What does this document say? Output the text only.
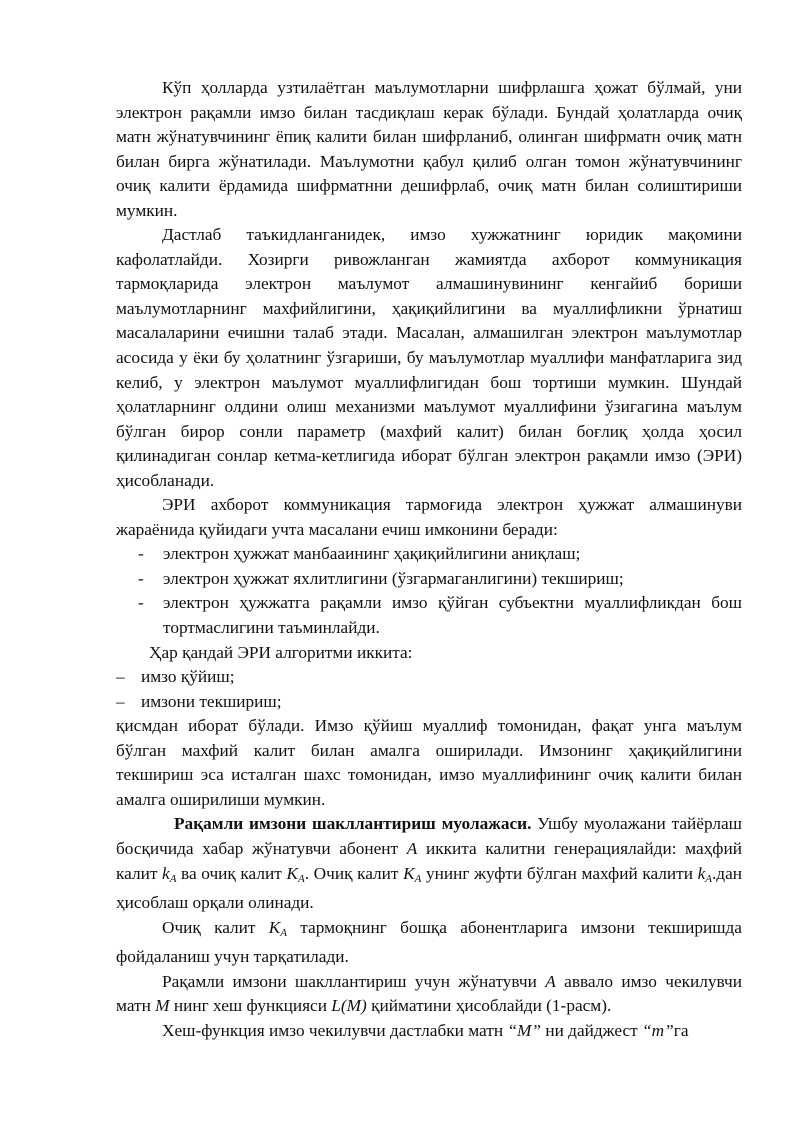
Кўп ҳолларда узтилаётган маълумотларни шифрлашга ҳожат бўлмай, уни электрон рақамли имзо билан тасдиқлаш керак бўлади. Бундай ҳолатларда очиқ матн жўнатувчининг ёпиқ калити билан шифрланиб, олинган шифрматн очиқ матн билан бирга жўнатилади. Маълумотни қабул қилиб олган томон жўнатувчининг очиқ калити ёрдамида шифрматнни дешифрлаб, очиқ матн билан солиштириши мумкин.

Дастлаб таъкидланганидек, имзо хужжатнинг юридик мақомини кафолатлайди. Хозирги ривожланган жамиятда ахборот коммуникация тармоқларида электрон маълумот алмашинувининг кенгайиб бориши маълумотларнинг махфийлигини, ҳақиқийлигини ва муаллифликни ўрнатиш масалаларини ечишни талаб этади. Масалан, алмашилган электрон маълумотлар асосида у ёки бу ҳолатнинг ўзгариши, бу маълумотлар муаллифи манфатларига зид келиб, у электрон маълумот муаллифлигидан бош тортиши мумкин. Шундай ҳолатларнинг олдини олиш механизми маълумот муаллифини ўзигагина маълум бўлган бирор сонли параметр (махфий калит) билан боғлиқ ҳолда ҳосил қилинадиган сонлар кетма-кетлигида иборат бўлган электрон рақамли имзо (ЭРИ) ҳисобланади.

ЭРИ ахборот коммуникация тармоғида электрон ҳужжат алмашинуви жараёнида қуйидаги учта масалани ечиш имконини беради:

- электрон ҳужжат манбааининг ҳақиқийлигини аниқлаш;
- электрон ҳужжат яхлитлигини (ўзгармаганлигини) текшириш;
- электрон ҳужжатга рақамли имзо қўйган субъектни муаллифликдан бош тортмаслигини таъминлайди.

Ҳар қандай ЭРИ алгоритми иккита:

– имзо қўйиш;
– имзони текшириш;

қисмдан иборат бўлади. Имзо қўйиш муаллиф томонидан, фақат унга маълум бўлган махфий калит билан амалга оширилади. Имзонинг ҳақиқийлигини текшириш эса исталган шахс томонидан, имзо муаллифининг очиқ калити билан амалга оширилиши мумкин.

Рақамли имзони шакллантириш муолажаси. Ушбу муолажани тайёрлаш босқичида хабар жўнатувчи абонент A иккита калитни генерациялайди: маҳфий калит $k_A$ ва очиқ калит $K_A$. Очиқ калит $K_A$ унинг жуфти бўлган махфий калити $k_A.дан$ ҳисоблаш орқали олинади.

Очиқ калит $K_A$ тармоқнинг бошқа абонентларига имзони текширишда фойдаланиш учун тарқатилади.

Рақамли имзони шакллантириш учун жўнатувчи A аввало имзо чекилувчи матн M нинг хеш функцияси L(M) қийматини ҳисоблайди (1-расм).

Хеш-функция имзо чекилувчи дастлабки матн “M” ни дайджест “m”га
